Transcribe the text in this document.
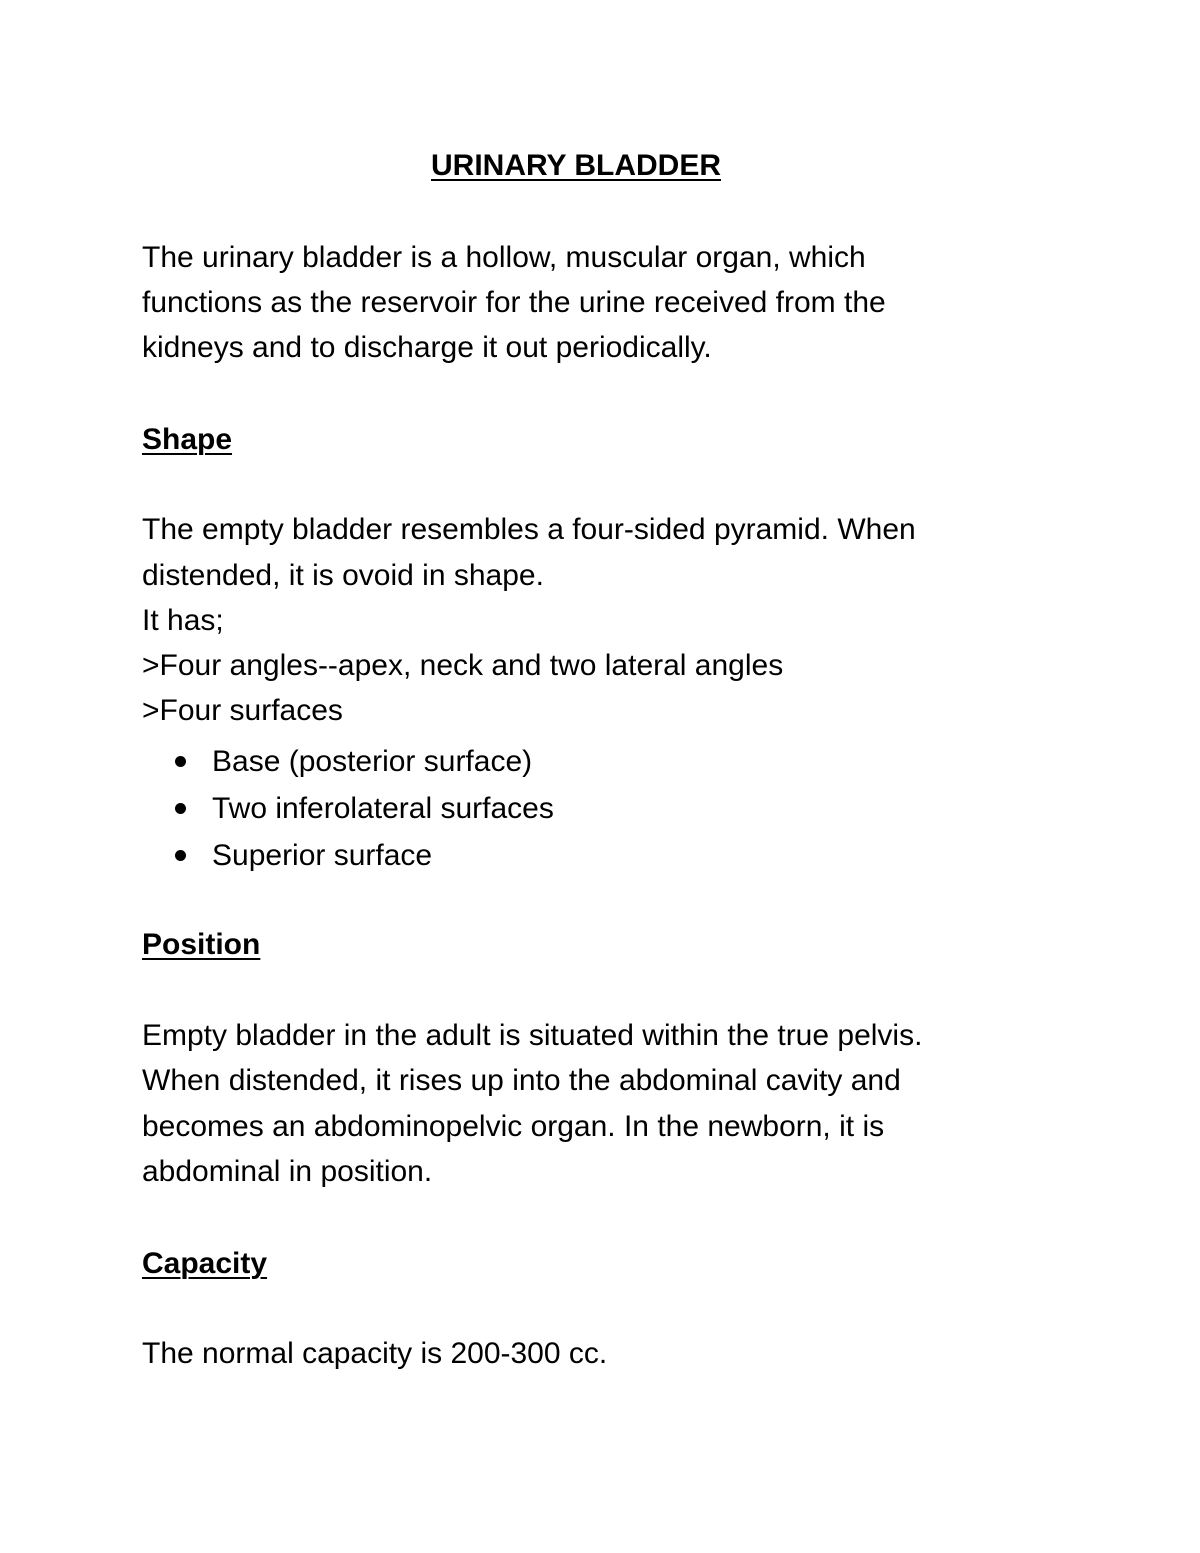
URINARY BLADDER

The urinary bladder is a hollow, muscular organ, which

functions as the reservoir for the urine received from the

kidneys and to discharge it out periodically.

Shape

The empty bladder resembles a four-sided pyramid. When

distended, it is ovoid in shape.

It has;

>Four angles--apex, neck and two lateral angles

>Four surfaces

Base (posterior surface)
Two inferolateral surfaces
Superior surface
Position

Empty bladder in the adult is situated within the true pelvis.

When distended, it rises up into the abdominal cavity and

becomes an abdominopelvic organ. In the newborn, it is

abdominal in position.

Capacity

The normal capacity is 200-300 cc.
